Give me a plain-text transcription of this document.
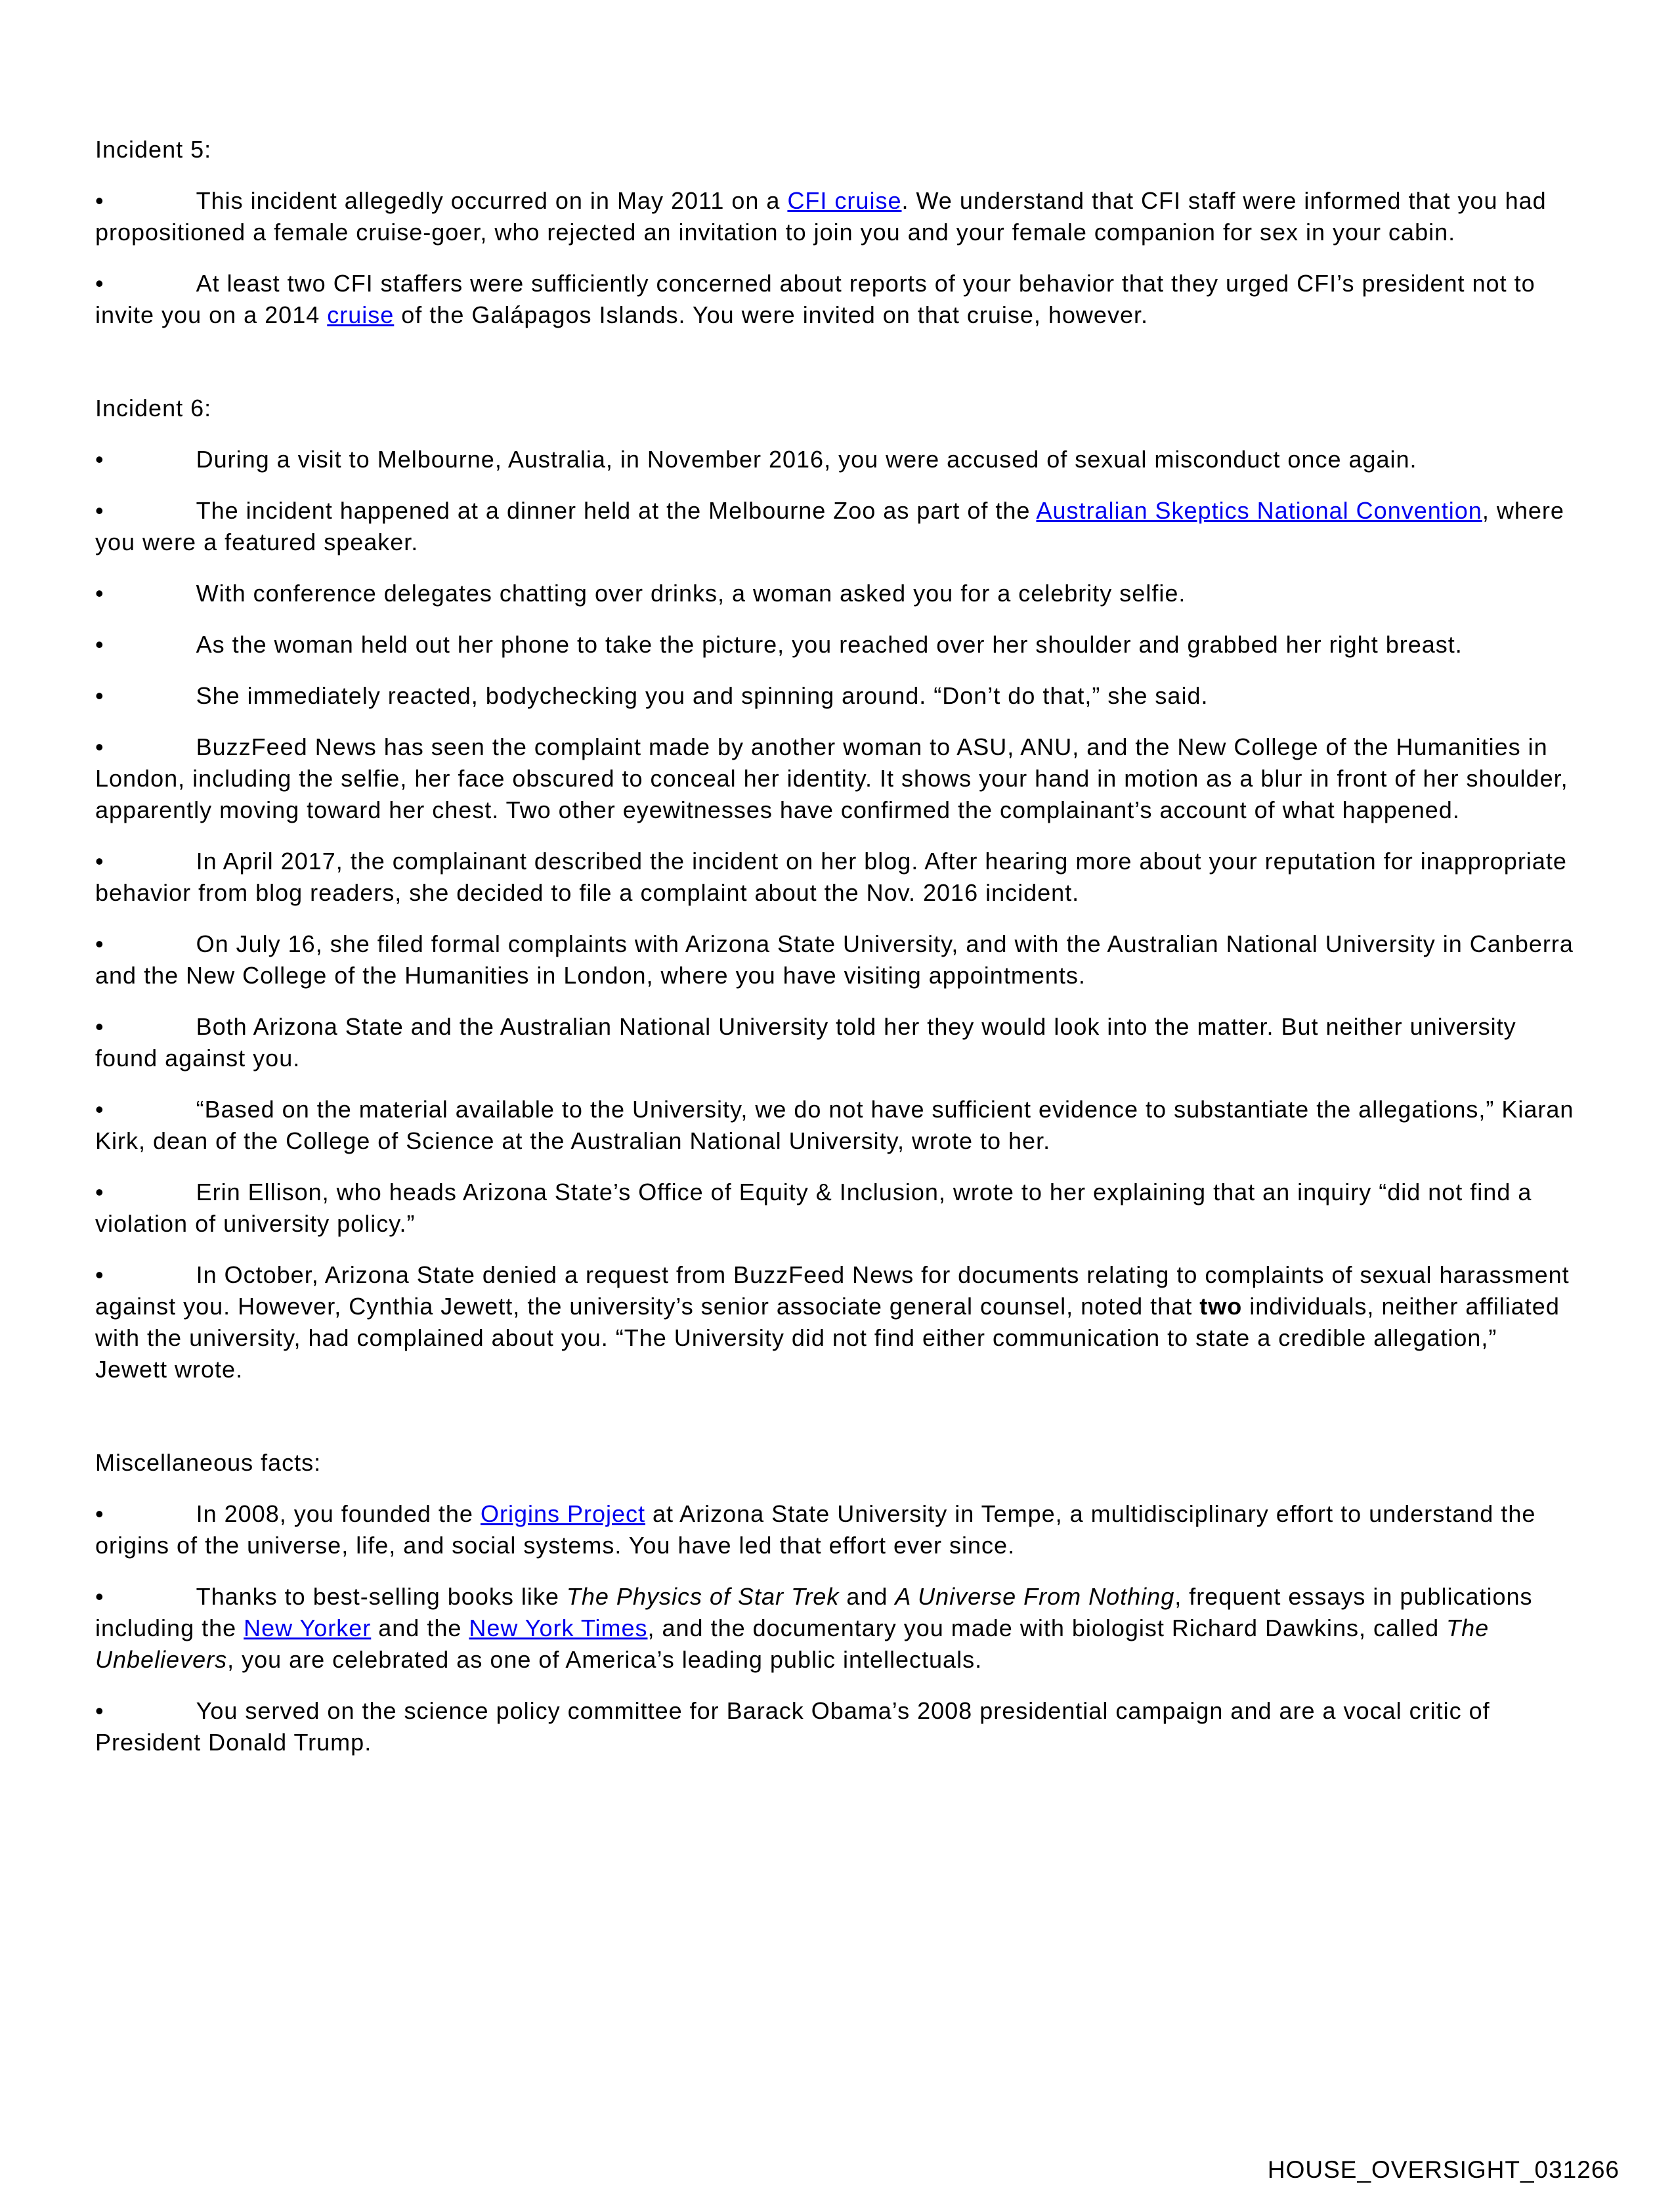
Incident 5:

•	This incident allegedly occurred on in May 2011 on a CFI cruise. We understand that CFI staff were informed that you had propositioned a female cruise-goer, who rejected an invitation to join you and your female companion for sex in your cabin.

•	At least two CFI staffers were sufficiently concerned about reports of your behavior that they urged CFI’s president not to invite you on a 2014 cruise of the Galápagos Islands. You were invited on that cruise, however.

Incident 6:

•	During a visit to Melbourne, Australia, in November 2016, you were accused of sexual misconduct once again.

•	The incident happened at a dinner held at the Melbourne Zoo as part of the Australian Skeptics National Convention, where you were a featured speaker.

•	With conference delegates chatting over drinks, a woman asked you for a celebrity selfie.

•	As the woman held out her phone to take the picture, you reached over her shoulder and grabbed her right breast.

•	She immediately reacted, bodychecking you and spinning around. “Don’t do that,” she said.

•	BuzzFeed News has seen the complaint made by another woman to ASU, ANU, and the New College of the Humanities in London, including the selfie, her face obscured to conceal her identity. It shows your hand in motion as a blur in front of her shoulder, apparently moving toward her chest. Two other eyewitnesses have confirmed the complainant’s account of what happened.

•	In April 2017, the complainant described the incident on her blog. After hearing more about your reputation for inappropriate behavior from blog readers, she decided to file a complaint about the Nov. 2016 incident.

•	On July 16, she filed formal complaints with Arizona State University, and with the Australian National University in Canberra and the New College of the Humanities in London, where you have visiting appointments.

•	Both Arizona State and the Australian National University told her they would look into the matter. But neither university found against you.

•	“Based on the material available to the University, we do not have sufficient evidence to substantiate the allegations,” Kiaran Kirk, dean of the College of Science at the Australian National University, wrote to her.

•	Erin Ellison, who heads Arizona State’s Office of Equity & Inclusion, wrote to her explaining that an inquiry “did not find a violation of university policy.”

•	In October, Arizona State denied a request from BuzzFeed News for documents relating to complaints of sexual harassment against you. However, Cynthia Jewett, the university’s senior associate general counsel, noted that two individuals, neither affiliated with the university, had complained about you. “The University did not find either communication to state a credible allegation,” Jewett wrote.

Miscellaneous facts:

•	In 2008, you founded the Origins Project at Arizona State University in Tempe, a multidisciplinary effort to understand the origins of the universe, life, and social systems. You have led that effort ever since.

•	Thanks to best-selling books like The Physics of Star Trek and A Universe From Nothing, frequent essays in publications including the New Yorker and the New York Times, and the documentary you made with biologist Richard Dawkins, called The Unbelievers, you are celebrated as one of America’s leading public intellectuals.

•	You served on the science policy committee for Barack Obama’s 2008 presidential campaign and are a vocal critic of President Donald Trump.

HOUSE_OVERSIGHT_031266
